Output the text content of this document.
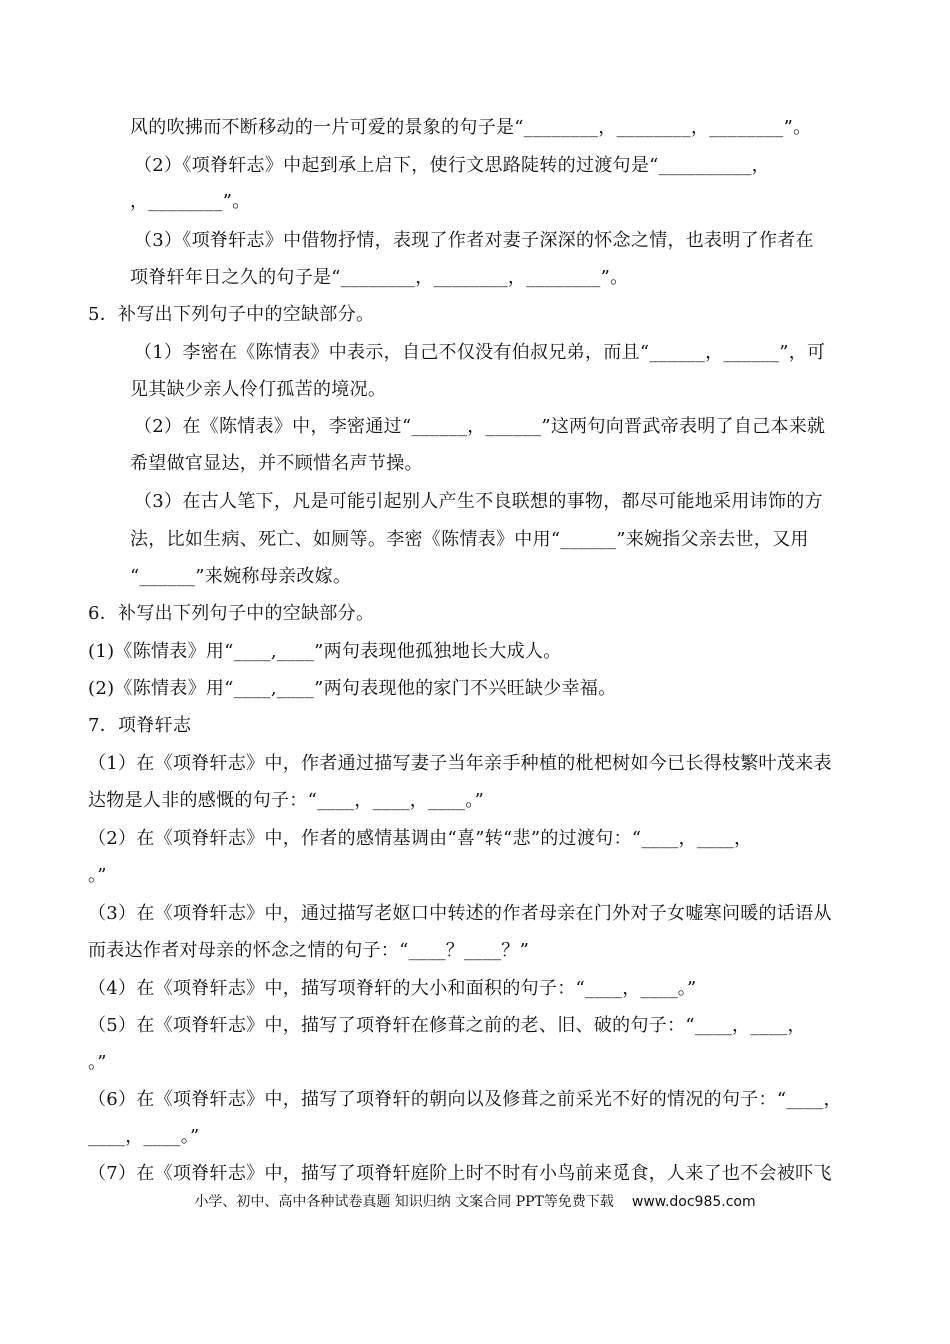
风的吹拂而不断移动的一片可爱的景象的句子是“________，________，________”。
（2）《项脊轩志》中起到承上启下，使行文思路陡转的过渡句是“__________，
，________”。
（3）《项脊轩志》中借物抒情，表现了作者对妻子深深的怀念之情，也表明了作者在
项脊轩年日之久的句子是“________，________，________”。
5．补写出下列句子中的空缺部分。
（1）李密在《陈情表》中表示，自己不仅没有伯叔兄弟，而且“______，______”，可
见其缺少亲人伶仃孤苦的境况。
（2）在《陈情表》中，李密通过“______，______”这两句向晋武帝表明了自己本来就
希望做官显达，并不顾惜名声节操。
（3）在古人笔下，凡是可能引起别人产生不良联想的事物，都尽可能地采用讳饰的方
法，比如生病、死亡、如厕等。李密《陈情表》中用“______”来婉指父亲去世，又用
“______”来婉称母亲改嫁。
6．补写出下列句子中的空缺部分。
(1)《陈情表》用“____,____”两句表现他孤独地长大成人。
(2)《陈情表》用“____,____”两句表现他的家门不兴旺缺少幸福。
7．项脊轩志
（1）在《项脊轩志》中，作者通过描写妻子当年亲手种植的枇杷树如今已长得枝繁叶茂来表
达物是人非的感慨的句子：“____，____，____。”
（2）在《项脊轩志》中，作者的感情基调由“喜”转“悲”的过渡句：“____，____，
。”
（3）在《项脊轩志》中，通过描写老妪口中转述的作者母亲在门外对子女嘘寒问暖的话语从
而表达作者对母亲的怀念之情的句子：“____？____？”
（4）在《项脊轩志》中，描写项脊轩的大小和面积的句子：“____，____。”
（5）在《项脊轩志》中，描写了项脊轩在修葺之前的老、旧、破的句子：“____，____，
。”
（6）在《项脊轩志》中，描写了项脊轩的朝向以及修葺之前采光不好的情况的句子：“____，
____，____。”
（7）在《项脊轩志》中，描写了项脊轩庭阶上时不时有小鸟前来觅食，人来了也不会被吓飞
小学、初中、高中各种试卷真题 知识归纳 文案合同 PPT等免费下载 www.doc985.com
